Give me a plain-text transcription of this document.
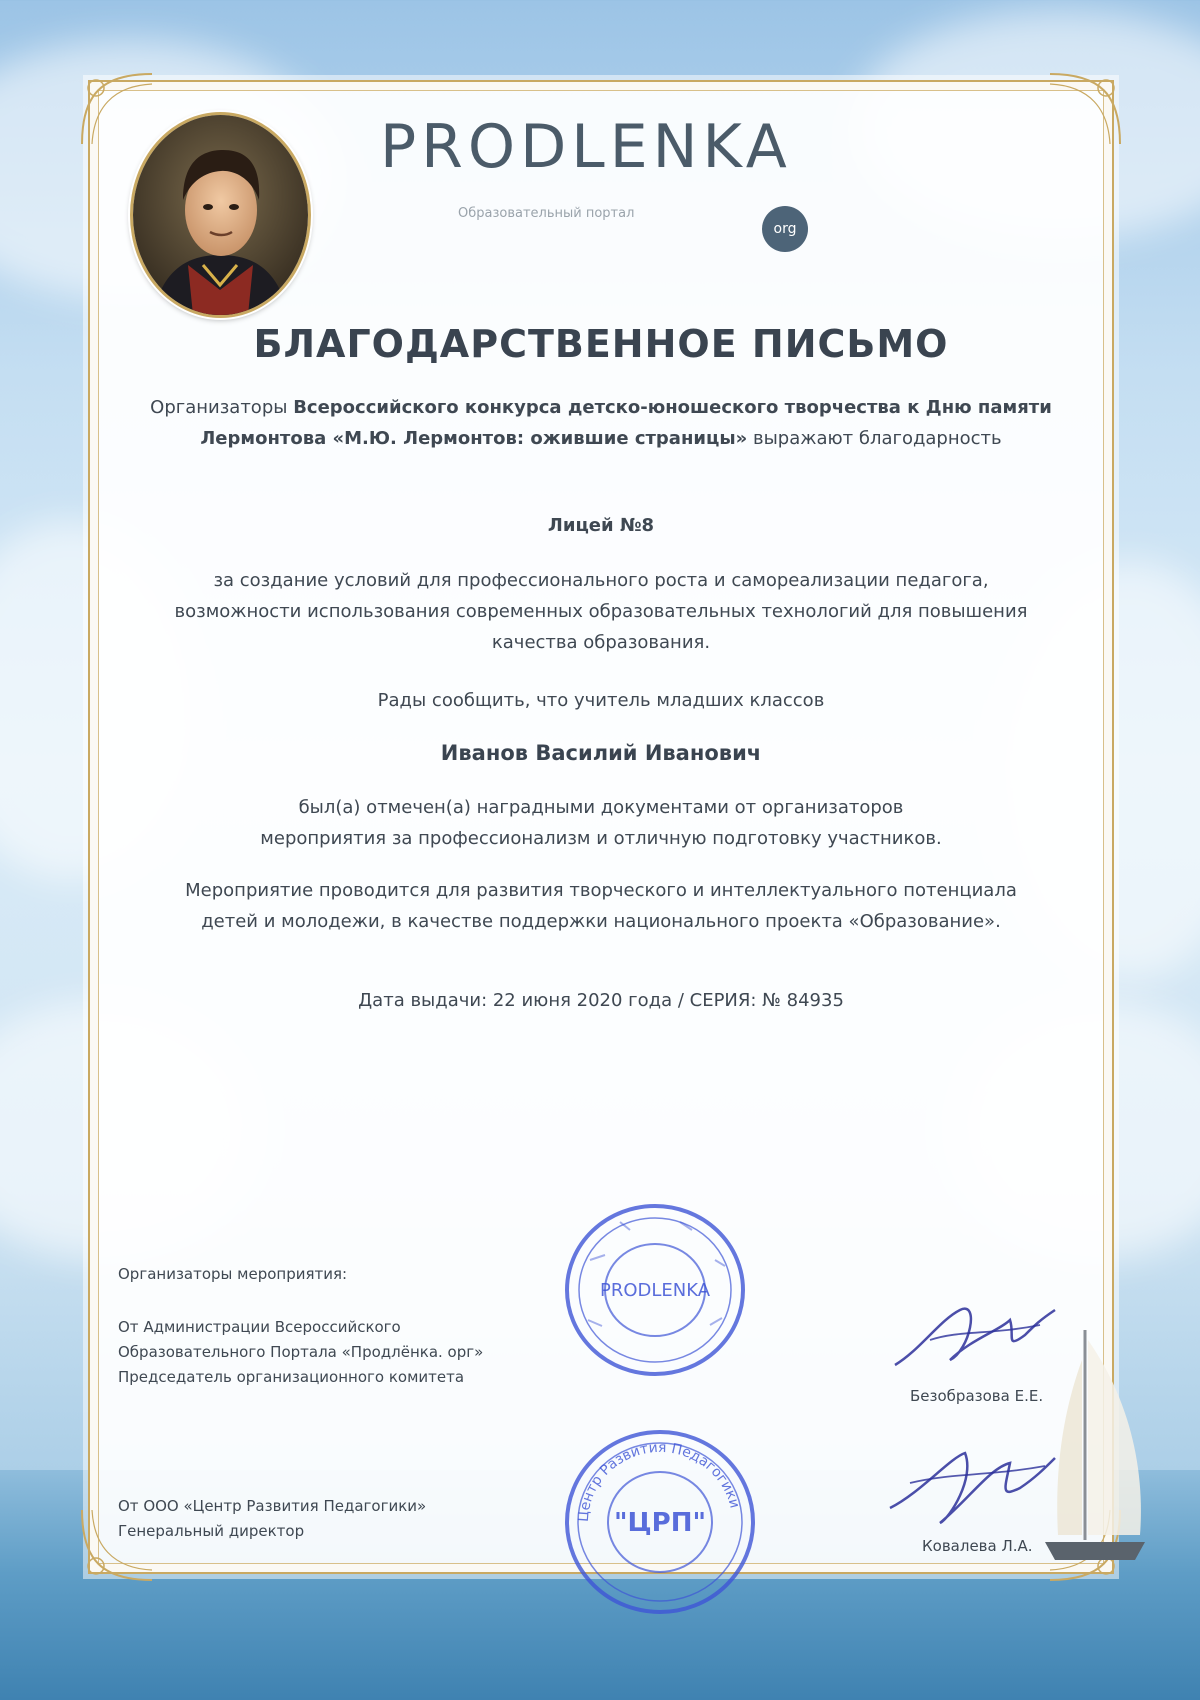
PRODLENKA
Образовательный портал
org
БЛАГОДАРСТВЕННОЕ ПИСЬМО
Организаторы Всероссийского конкурса детско-юношеского творчества к Дню памяти Лермонтова «М.Ю. Лермонтов: ожившие страницы» выражают благодарность
Лицей №8
за создание условий для профессионального роста и самореализации педагога, возможности использования современных образовательных технологий для повышения качества образования.
Рады сообщить, что учитель младших классов
Иванов Василий Иванович
был(а) отмечен(а) наградными документами от организаторов мероприятия за профессионализм и отличную подготовку участников.
Мероприятие проводится для развития творческого и интеллектуального потенциала детей и молодежи, в качестве поддержки национального проекта «Образование».
Дата выдачи: 22 июня 2020 года / СЕРИЯ: № 84935

Организаторы мероприятия:

От Администрации Всероссийского

Образовательного Портала «Продлёнка. орг»

Председатель организационного комитета

От ООО «Центр Развития Педагогики»

Генеральный директор

PRODLENKA
Центр Развития Педагогики
"ЦРП"
Безобразова Е.Е.
Ковалева Л.А.
